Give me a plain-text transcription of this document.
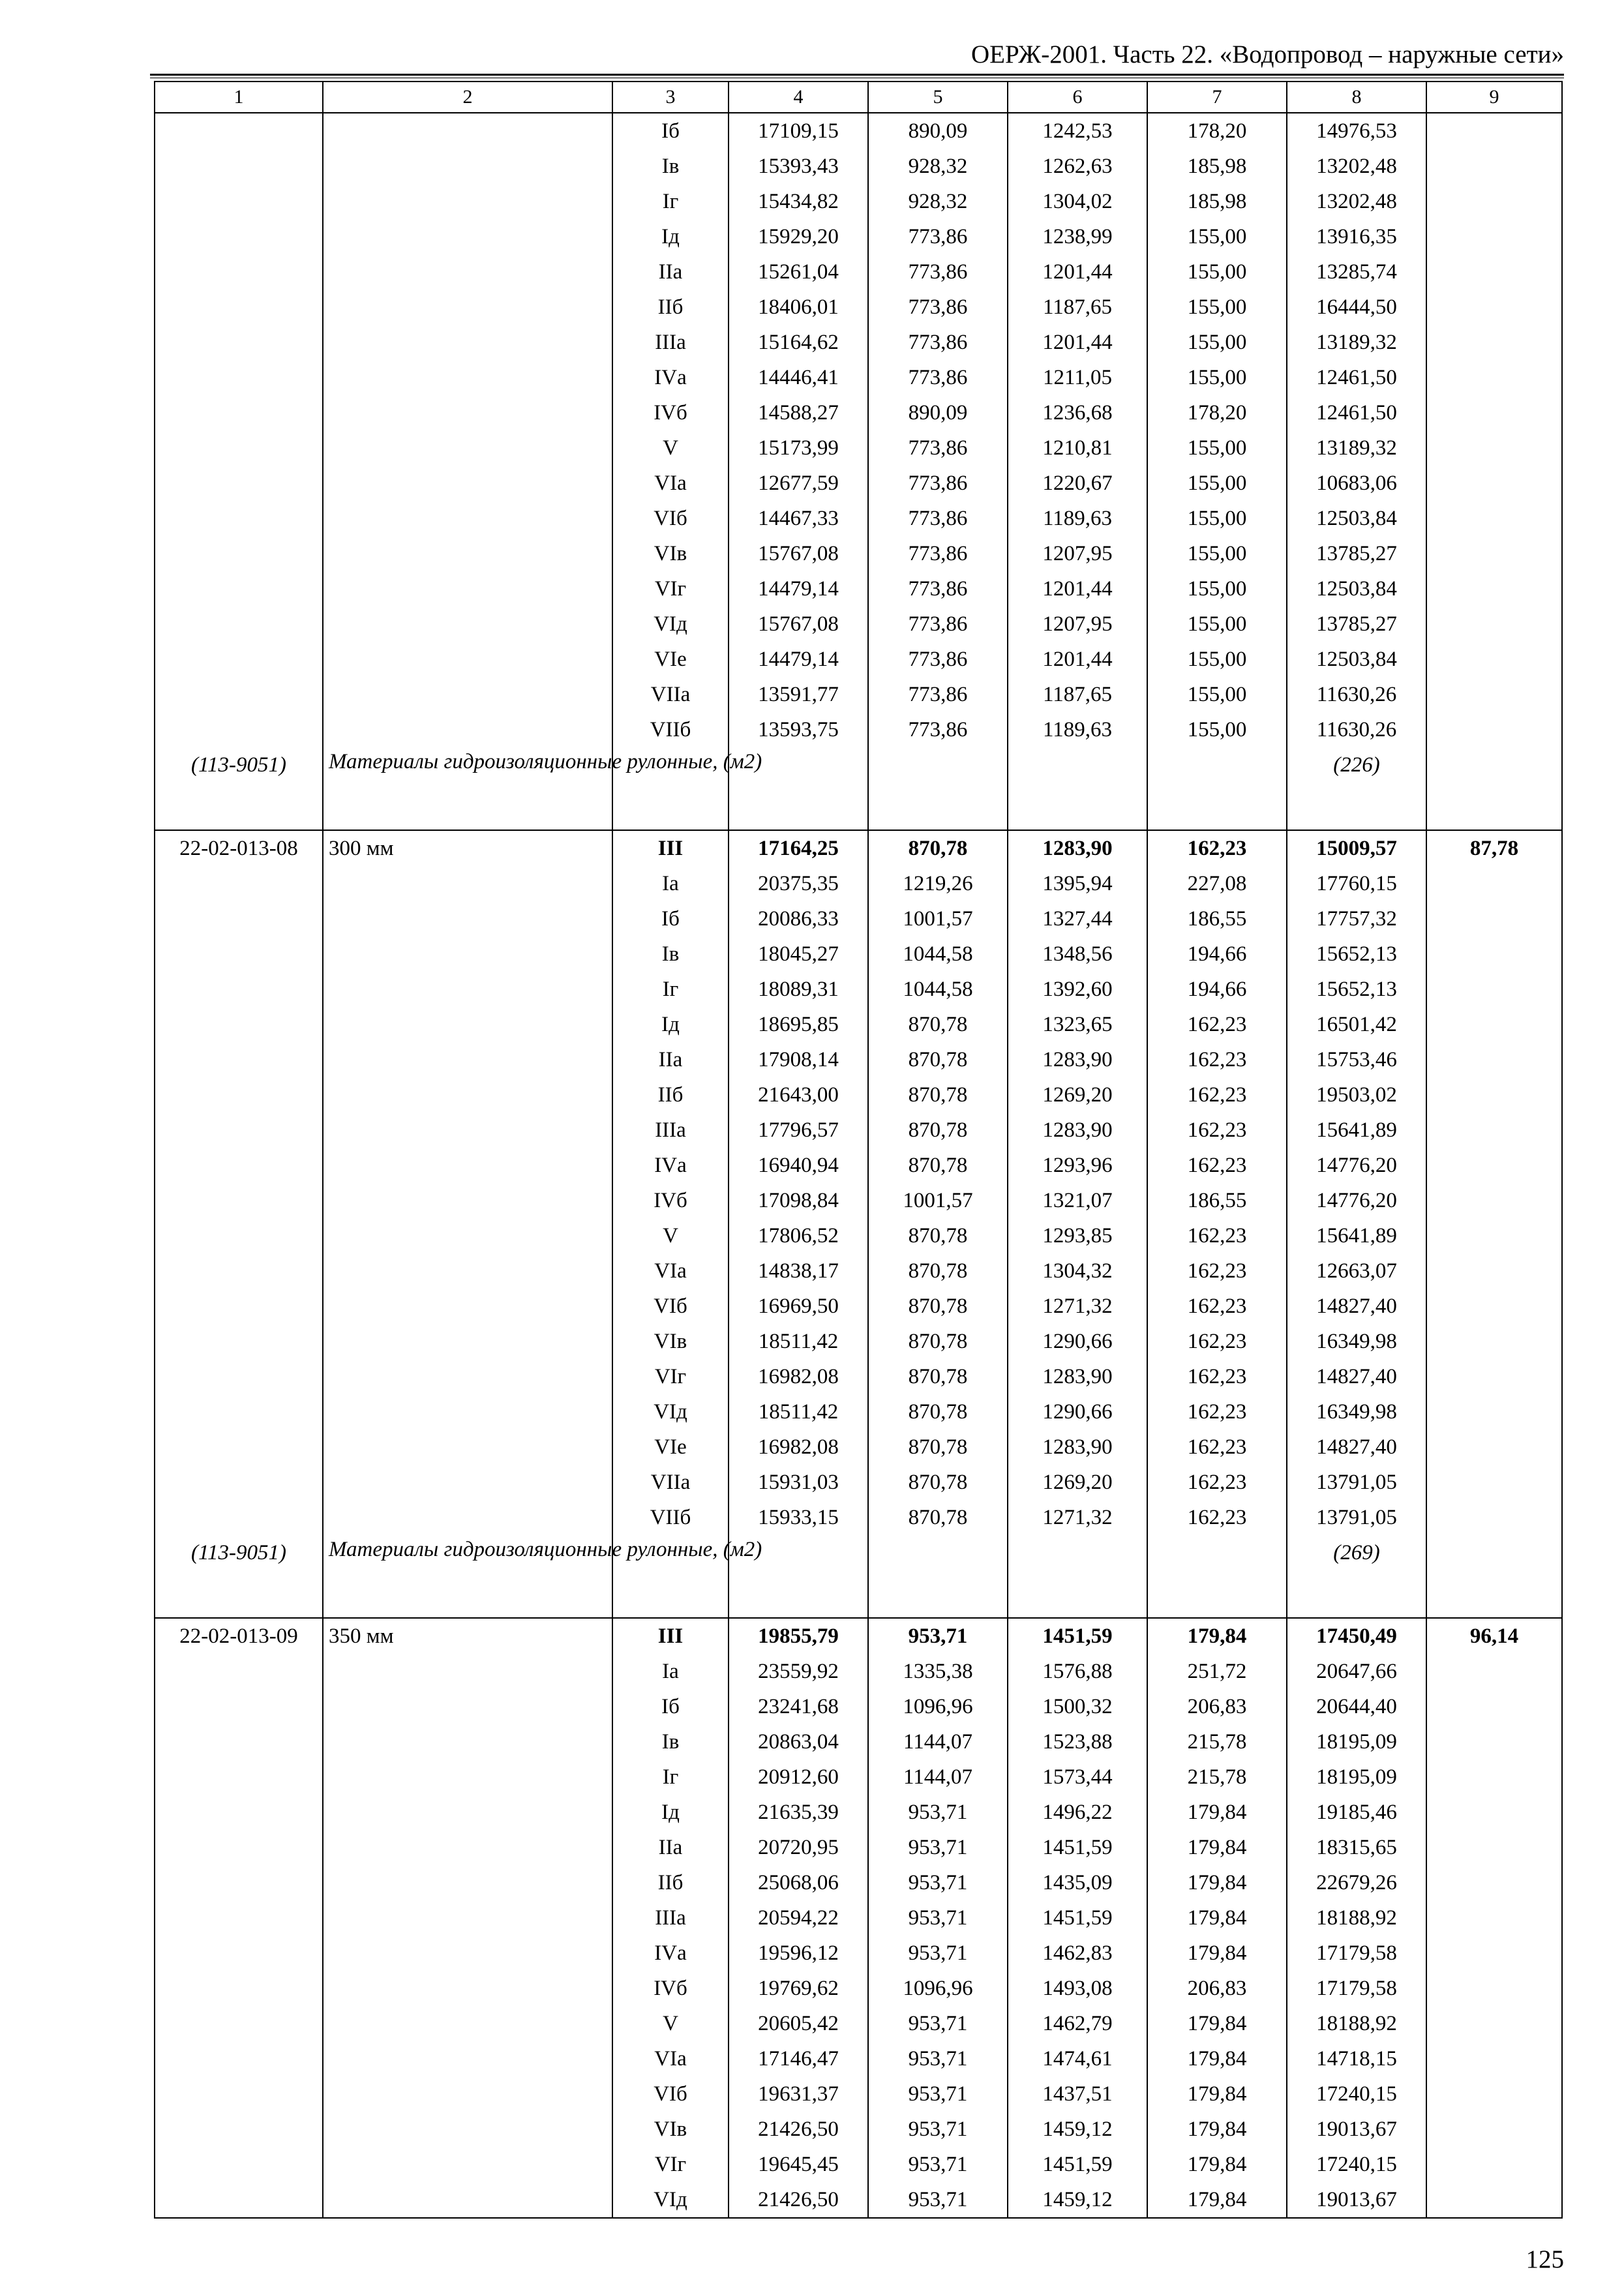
ОЕРЖ-2001. Часть 22. «Водопровод – наружные сети»
1	2	3	4	5	6	7	8	9
		Iб	17109,15	890,09	1242,53	178,20	14976,53	
		Iв	15393,43	928,32	1262,63	185,98	13202,48	
		Iг	15434,82	928,32	1304,02	185,98	13202,48	
		Iд	15929,20	773,86	1238,99	155,00	13916,35	
		IIа	15261,04	773,86	1201,44	155,00	13285,74	
		IIб	18406,01	773,86	1187,65	155,00	16444,50	
		IIIа	15164,62	773,86	1201,44	155,00	13189,32	
		IVа	14446,41	773,86	1211,05	155,00	12461,50	
		IVб	14588,27	890,09	1236,68	178,20	12461,50	
		V	15173,99	773,86	1210,81	155,00	13189,32	
		VIа	12677,59	773,86	1220,67	155,00	10683,06	
		VIб	14467,33	773,86	1189,63	155,00	12503,84	
		VIв	15767,08	773,86	1207,95	155,00	13785,27	
		VIг	14479,14	773,86	1201,44	155,00	12503,84	
		VIд	15767,08	773,86	1207,95	155,00	13785,27	
		VIе	14479,14	773,86	1201,44	155,00	12503,84	
		VIIа	13591,77	773,86	1187,65	155,00	11630,26	
		VIIб	13593,75	773,86	1189,63	155,00	11630,26	
(113-9051)	Материалы гидроизоляционные рулонные, (м2)						(226)	
22-02-013-08	300 мм	III	17164,25	870,78	1283,90	162,23	15009,57	87,78
		Iа	20375,35	1219,26	1395,94	227,08	17760,15	
		Iб	20086,33	1001,57	1327,44	186,55	17757,32	
		Iв	18045,27	1044,58	1348,56	194,66	15652,13	
		Iг	18089,31	1044,58	1392,60	194,66	15652,13	
		Iд	18695,85	870,78	1323,65	162,23	16501,42	
		IIа	17908,14	870,78	1283,90	162,23	15753,46	
		IIб	21643,00	870,78	1269,20	162,23	19503,02	
		IIIа	17796,57	870,78	1283,90	162,23	15641,89	
		IVа	16940,94	870,78	1293,96	162,23	14776,20	
		IVб	17098,84	1001,57	1321,07	186,55	14776,20	
		V	17806,52	870,78	1293,85	162,23	15641,89	
		VIа	14838,17	870,78	1304,32	162,23	12663,07	
		VIб	16969,50	870,78	1271,32	162,23	14827,40	
		VIв	18511,42	870,78	1290,66	162,23	16349,98	
		VIг	16982,08	870,78	1283,90	162,23	14827,40	
		VIд	18511,42	870,78	1290,66	162,23	16349,98	
		VIе	16982,08	870,78	1283,90	162,23	14827,40	
		VIIа	15931,03	870,78	1269,20	162,23	13791,05	
		VIIб	15933,15	870,78	1271,32	162,23	13791,05	
(113-9051)	Материалы гидроизоляционные рулонные, (м2)						(269)	
22-02-013-09	350 мм	III	19855,79	953,71	1451,59	179,84	17450,49	96,14
		Iа	23559,92	1335,38	1576,88	251,72	20647,66	
		Iб	23241,68	1096,96	1500,32	206,83	20644,40	
		Iв	20863,04	1144,07	1523,88	215,78	18195,09	
		Iг	20912,60	1144,07	1573,44	215,78	18195,09	
		Iд	21635,39	953,71	1496,22	179,84	19185,46	
		IIа	20720,95	953,71	1451,59	179,84	18315,65	
		IIб	25068,06	953,71	1435,09	179,84	22679,26	
		IIIа	20594,22	953,71	1451,59	179,84	18188,92	
		IVа	19596,12	953,71	1462,83	179,84	17179,58	
		IVб	19769,62	1096,96	1493,08	206,83	17179,58	
		V	20605,42	953,71	1462,79	179,84	18188,92	
		VIа	17146,47	953,71	1474,61	179,84	14718,15	
		VIб	19631,37	953,71	1437,51	179,84	17240,15	
		VIв	21426,50	953,71	1459,12	179,84	19013,67	
		VIг	19645,45	953,71	1451,59	179,84	17240,15	
		VIд	21426,50	953,71	1459,12	179,84	19013,67	
125
